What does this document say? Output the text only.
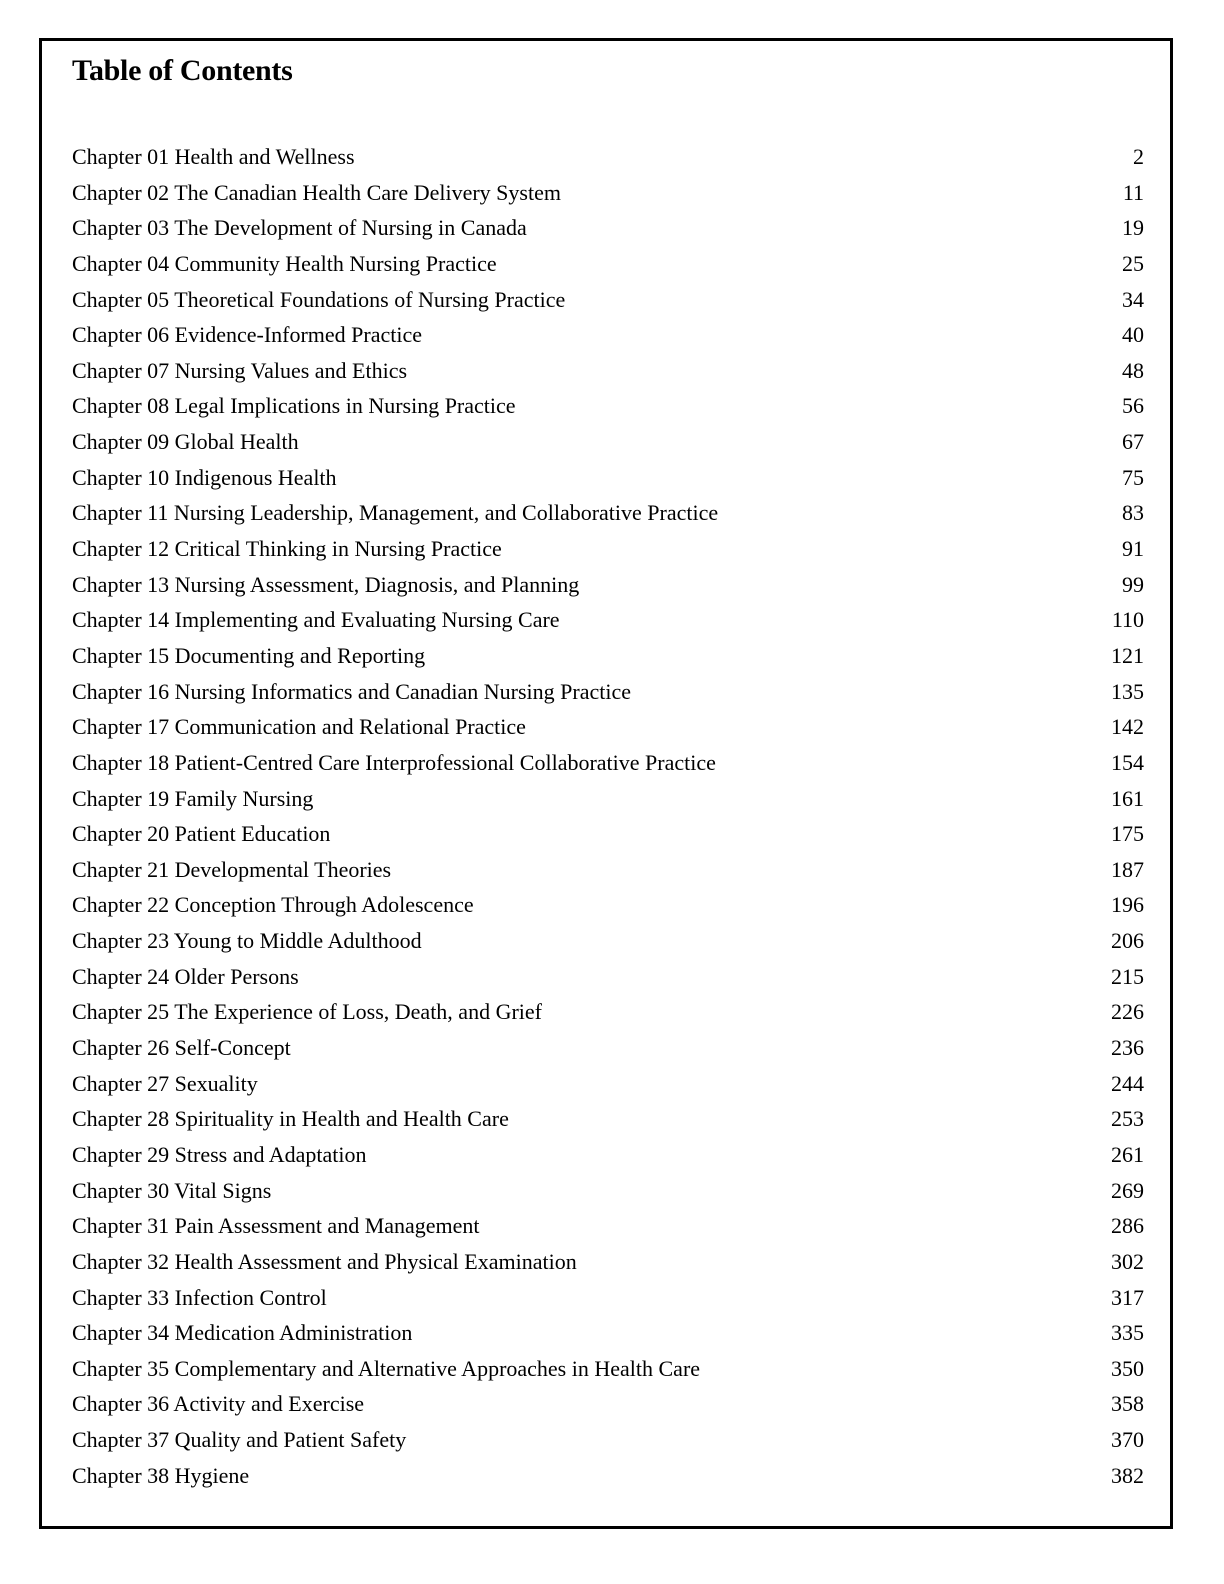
Table of Contents
Chapter 01 Health and Wellness	2
Chapter 02 The Canadian Health Care Delivery System	11
Chapter 03 The Development of Nursing in Canada	19
Chapter 04 Community Health Nursing Practice	25
Chapter 05 Theoretical Foundations of Nursing Practice	34
Chapter 06 Evidence-Informed Practice	40
Chapter 07 Nursing Values and Ethics	48
Chapter 08 Legal Implications in Nursing Practice	56
Chapter 09 Global Health	67
Chapter 10 Indigenous Health	75
Chapter 11 Nursing Leadership, Management, and Collaborative Practice	83
Chapter 12 Critical Thinking in Nursing Practice	91
Chapter 13 Nursing Assessment, Diagnosis, and Planning	99
Chapter 14 Implementing and Evaluating Nursing Care	110
Chapter 15 Documenting and Reporting	121
Chapter 16 Nursing Informatics and Canadian Nursing Practice	135
Chapter 17 Communication and Relational Practice	142
Chapter 18 Patient-Centred Care Interprofessional Collaborative Practice	154
Chapter 19 Family Nursing	161
Chapter 20 Patient Education	175
Chapter 21 Developmental Theories	187
Chapter 22 Conception Through Adolescence	196
Chapter 23 Young to Middle Adulthood	206
Chapter 24 Older Persons	215
Chapter 25 The Experience of Loss, Death, and Grief	226
Chapter 26 Self-Concept	236
Chapter 27 Sexuality	244
Chapter 28 Spirituality in Health and Health Care	253
Chapter 29 Stress and Adaptation	261
Chapter 30 Vital Signs	269
Chapter 31 Pain Assessment and Management	286
Chapter 32 Health Assessment and Physical Examination	302
Chapter 33 Infection Control	317
Chapter 34 Medication Administration	335
Chapter 35 Complementary and Alternative Approaches in Health Care	350
Chapter 36 Activity and Exercise	358
Chapter 37 Quality and Patient Safety	370
Chapter 38 Hygiene	382
